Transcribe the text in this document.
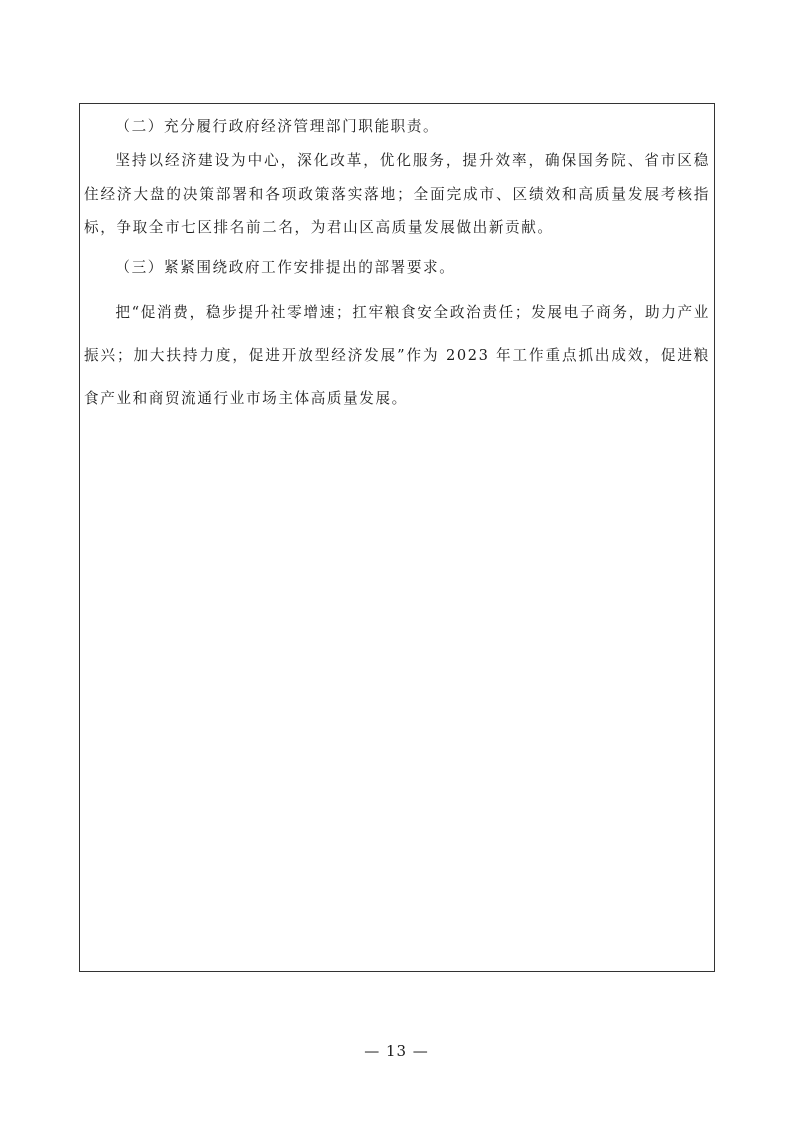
（二）充分履行政府经济管理部门职能职责。

坚持以经济建设为中心，深化改革，优化服务，提升效率，确保国务院、省市区稳住经济大盘的决策部署和各项政策落实落地；全面完成市、区绩效和高质量发展考核指标，争取全市七区排名前二名，为君山区高质量发展做出新贡献。

（三）紧紧围绕政府工作安排提出的部署要求。

把“促消费，稳步提升社零增速；扛牢粮食安全政治责任；发展电子商务，助力产业振兴；加大扶持力度，促进开放型经济发展”作为 2023 年工作重点抓出成效，促进粮食产业和商贸流通行业市场主体高质量发展。

— 13 —
